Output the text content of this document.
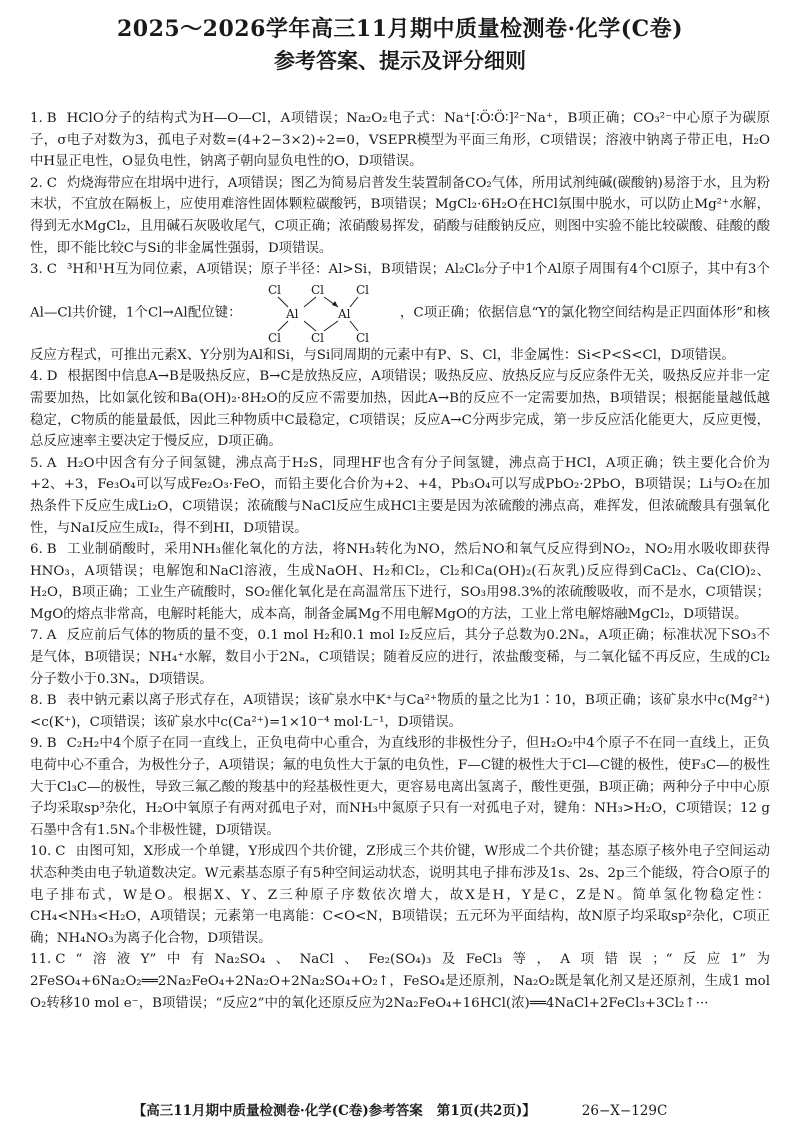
2025～2026学年高三11月期中质量检测卷·化学(C卷)
参考答案、提示及评分细则
1. B HClO分子的结构式为H—O—Cl，A项错误；Na₂O₂电子式：Na⁺[∶Ö∶Ö∶]²⁻Na⁺，B项正确；CO₃²⁻中心原子为碳原子，σ电子对数为3，孤电子对数=(4+2−3×2)÷2=0，VSEPR模型为平面三角形，C项错误；溶液中钠离子带正电，H₂O中H显正电性，O显负电性，钠离子朝向显负电性的O，D项错误。
2. C 灼烧海带应在坩埚中进行，A项错误；图乙为简易启普发生装置制备CO₂气体，所用试剂纯碱(碳酸钠)易溶于水，且为粉末状，不宜放在隔板上，应使用难溶性固体颗粒碳酸钙，B项错误；MgCl₂·6H₂O在HCl氛围中脱水，可以防止Mg²⁺水解，得到无水MgCl₂，且用碱石灰吸收尾气，C项正确；浓硝酸易挥发，硝酸与硅酸钠反应，则图中实验不能比较碳酸、硅酸的酸性，即不能比较C与Si的非金属性强弱，D项错误。
3. C ³H和¹H互为同位素，A项错误；原子半径：Al>Si，B项错误；Al₂Cl₆分子中1个Al原子周围有4个Cl原子，其中有3个Al—Cl共价键，1个Cl→Al配位键：
Cl Cl	Cl
Al	Al
Cl Cl	Cl
，C项正确；依据信息“Y的氯化物空间结构是正四面体形”和核反应方程式，可推出元素X、Y分别为Al和Si，与Si同周期的元素中有P、S、Cl，非金属性：Si<P<S<Cl，D项错误。
4. D 根据图中信息A→B是吸热反应，B→C是放热反应，A项错误；吸热反应、放热反应与反应条件无关，吸热反应并非一定需要加热，比如氯化铵和Ba(OH)₂·8H₂O的反应不需要加热，因此A→B的反应不一定需要加热，B项错误；根据能量越低越稳定，C物质的能量最低，因此三种物质中C最稳定，C项错误；反应A→C分两步完成，第一步反应活化能更大，反应更慢，总反应速率主要决定于慢反应，D项正确。
5. A H₂O中因含有分子间氢键，沸点高于H₂S，同理HF也含有分子间氢键，沸点高于HCl，A项正确；铁主要化合价为+2、+3，Fe₃O₄可以写成Fe₂O₃·FeO，而铅主要化合价为+2、+4，Pb₃O₄可以写成PbO₂·2PbO，B项错误；Li与O₂在加热条件下反应生成Li₂O，C项错误；浓硫酸与NaCl反应生成HCl主要是因为浓硫酸的沸点高，难挥发，但浓硫酸具有强氧化性，与NaI反应生成I₂，得不到HI，D项错误。
6. B 工业制硝酸时，采用NH₃催化氧化的方法，将NH₃转化为NO，然后NO和氧气反应得到NO₂，NO₂用水吸收即获得HNO₃，A项错误；电解饱和NaCl溶液，生成NaOH、H₂和Cl₂，Cl₂和Ca(OH)₂(石灰乳)反应得到CaCl₂、Ca(ClO)₂、H₂O，B项正确；工业生产硫酸时，SO₂催化氧化是在高温常压下进行，SO₃用98.3%的浓硫酸吸收，而不是水，C项错误；MgO的熔点非常高，电解时耗能大，成本高，制备金属Mg不用电解MgO的方法，工业上常电解熔融MgCl₂，D项错误。
7. A 反应前后气体的物质的量不变，0.1 mol H₂和0.1 mol I₂反应后，其分子总数为0.2Nₐ，A项正确；标准状况下SO₃不是气体，B项错误；NH₄⁺水解，数目小于2Nₐ，C项错误；随着反应的进行，浓盐酸变稀，与二氧化锰不再反应，生成的Cl₂分子数小于0.3Nₐ，D项错误。
8. B 表中钠元素以离子形式存在，A项错误；该矿泉水中K⁺与Ca²⁺物质的量之比为1∶10，B项正确；该矿泉水中c(Mg²⁺)<c(K⁺)，C项错误；该矿泉水中c(Ca²⁺)=1×10⁻⁴ mol·L⁻¹，D项错误。
9. B C₂H₂中4个原子在同一直线上，正负电荷中心重合，为直线形的非极性分子，但H₂O₂中4个原子不在同一直线上，正负电荷中心不重合，为极性分子，A项错误；氟的电负性大于氯的电负性，F—C键的极性大于Cl—C键的极性，使F₃C—的极性大于Cl₃C—的极性，导致三氟乙酸的羧基中的羟基极性更大，更容易电离出氢离子，酸性更强，B项正确；两种分子中中心原子均采取sp³杂化，H₂O中氧原子有两对孤电子对，而NH₃中氮原子只有一对孤电子对，键角：NH₃>H₂O，C项错误；12 g石墨中含有1.5Nₐ个非极性键，D项错误。
10. C 由图可知，X形成一个单键，Y形成四个共价键，Z形成三个共价键，W形成二个共价键；基态原子核外电子空间运动状态种类由电子轨道数决定。W元素基态原子有5种空间运动状态，说明其电子排布涉及1s、2s、2p三个能级，符合O原子的电子排布式，W是O。根据X、Y、Z三种原子序数依次增大，故X是H，Y是C，Z是N。简单氢化物稳定性：CH₄<NH₃<H₂O，A项错误；元素第一电离能：C<O<N，B项错误；五元环为平面结构，故N原子均采取sp²杂化，C项正确；NH₄NO₃为离子化合物，D项错误。
11. C “溶液Y”中有Na₂SO₄、NaCl、Fe₂(SO₄)₃及FeCl₃等，A项错误；“反应1”为2FeSO₄+6Na₂O₂══2Na₂FeO₄+2Na₂O+2Na₂SO₄+O₂↑，FeSO₄是还原剂，Na₂O₂既是氧化剂又是还原剂，生成1 mol O₂转移10 mol e⁻，B项错误；“反应2”中的氧化还原反应为2Na₂FeO₄+16HCl(浓)══4NaCl+2FeCl₃+3Cl₂↑···
【高三11月期中质量检测卷·化学(C卷)参考答案 第1页(共2页)】	26−X−129C
